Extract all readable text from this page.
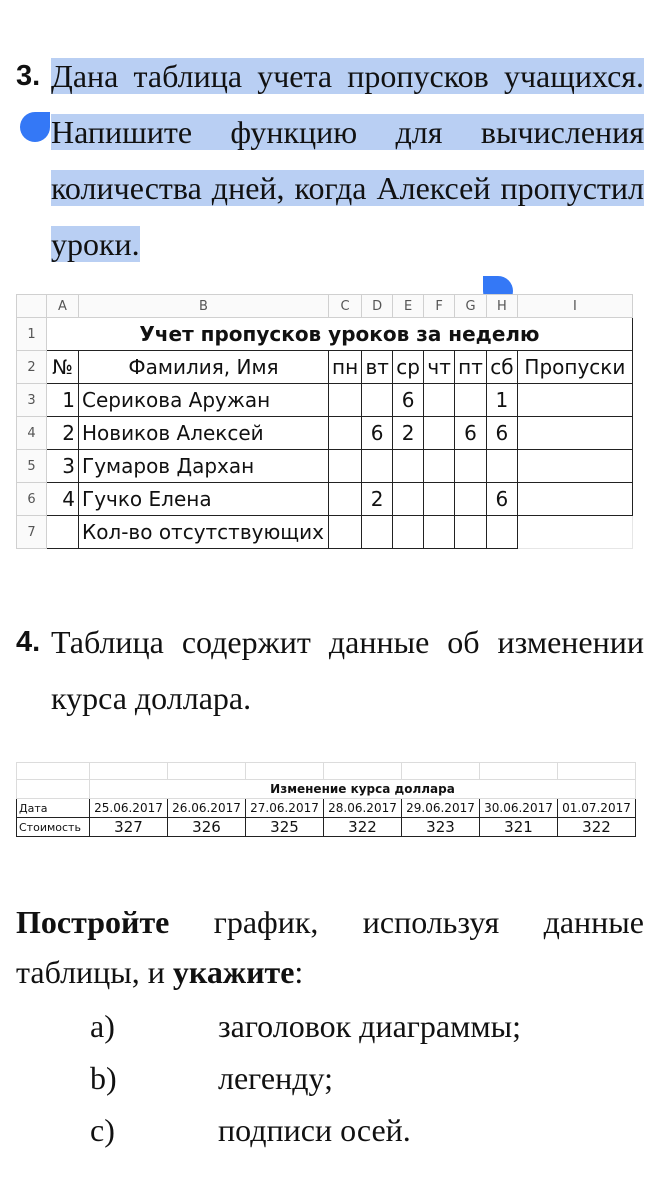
3. Дана таблица учета пропусков учащихся. Напишите функцию для вычисления количества дней, когда Алексей пропустил уроки.
	A	B	C	D	E	F	G	H	I
1	Учет пропусков уроков за неделю								
2	№	Фамилия, Имя	пн	вт	ср	чт	пт	сб	Пропуски
3	1	Серикова Аружан			6			1	
4	2	Новиков Алексей		6	2		6	6	
5	3	Гумаров Дархан							
6	4	Гучко Елена		2				6	
7		Кол-во отсутствующих							
4. Таблица содержит данные об изменении курса доллара.

	Изменение курса доллара						
Дата	25.06.2017	26.06.2017	27.06.2017	28.06.2017	29.06.2017	30.06.2017	01.07.2017
Стоимость	327	326	325	322	323	321	322
Постройте график, используя данные таблицы, и укажите:
a)	заголовок диаграммы;
b)	легенду;
c)	подписи осей.
